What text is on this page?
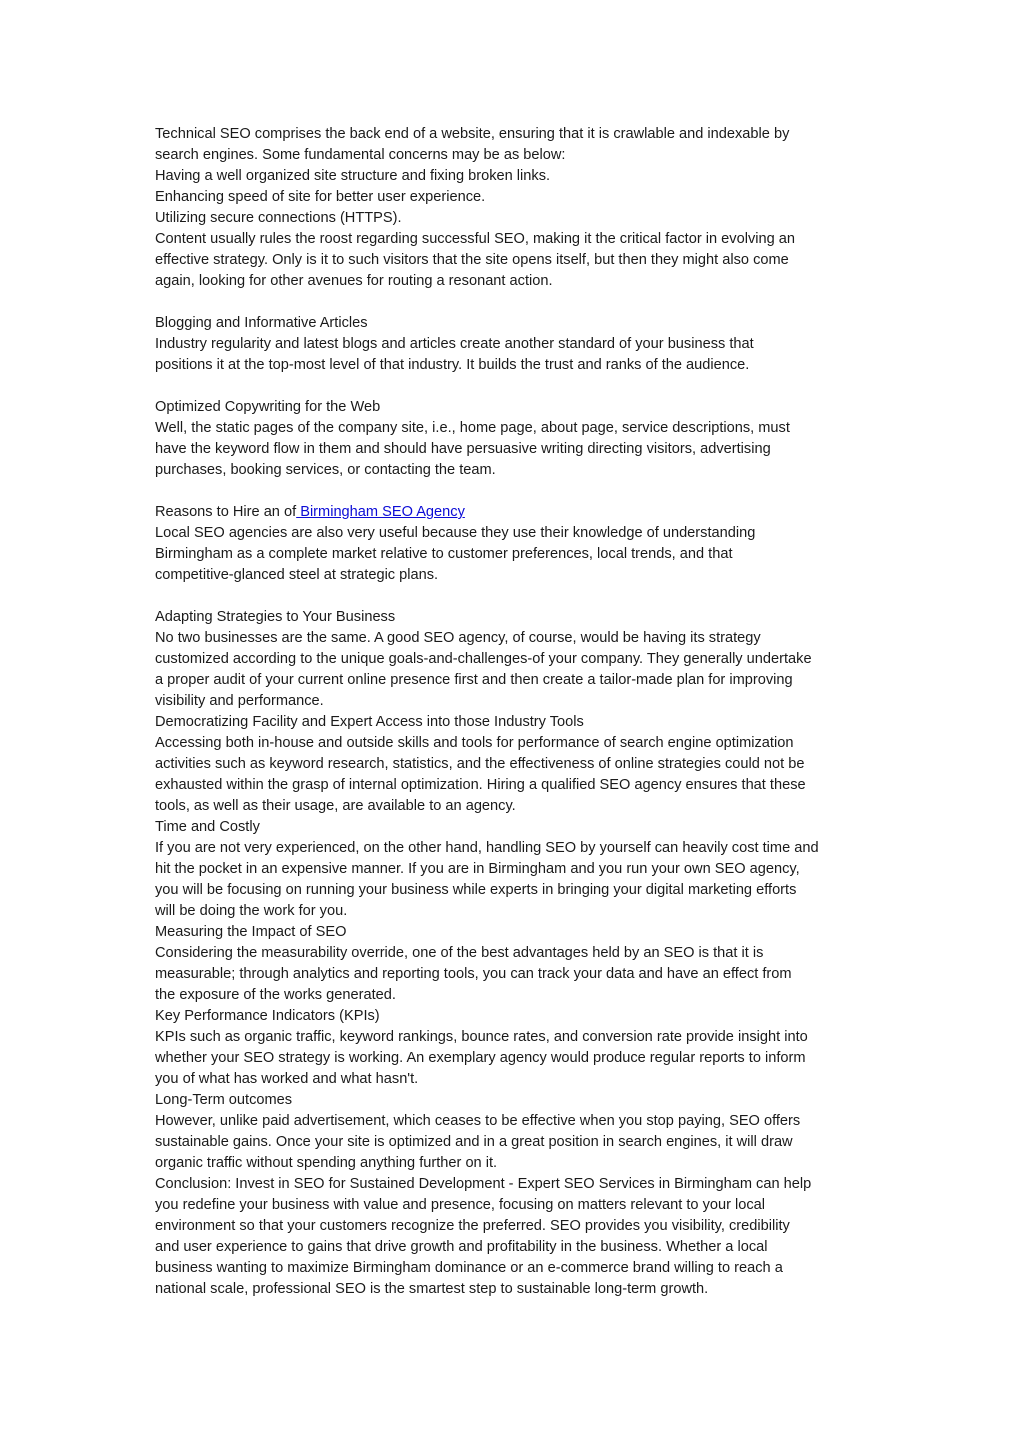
Technical SEO comprises the back end of a website, ensuring that it is crawlable and indexable by
search engines. Some fundamental concerns may be as below:
Having a well organized site structure and fixing broken links.
Enhancing speed of site for better user experience.
Utilizing secure connections (HTTPS).
Content usually rules the roost regarding successful SEO, making it the critical factor in evolving an
effective strategy. Only is it to such visitors that the site opens itself, but then they might also come
again, looking for other avenues for routing a resonant action.
Blogging and Informative Articles
Industry regularity and latest blogs and articles create another standard of your business that
positions it at the top-most level of that industry. It builds the trust and ranks of the audience.
Optimized Copywriting for the Web
Well, the static pages of the company site, i.e., home page, about page, service descriptions, must
have the keyword flow in them and should have persuasive writing directing visitors, advertising
purchases, booking services, or contacting the team.
Reasons to Hire an of Birmingham SEO Agency
Local SEO agencies are also very useful because they use their knowledge of understanding
Birmingham as a complete market relative to customer preferences, local trends, and that
competitive-glanced steel at strategic plans.
Adapting Strategies to Your Business
No two businesses are the same. A good SEO agency, of course, would be having its strategy
customized according to the unique goals-and-challenges-of your company. They generally undertake
a proper audit of your current online presence first and then create a tailor-made plan for improving
visibility and performance.
Democratizing Facility and Expert Access into those Industry Tools
Accessing both in-house and outside skills and tools for performance of search engine optimization
activities such as keyword research, statistics, and the effectiveness of online strategies could not be
exhausted within the grasp of internal optimization. Hiring a qualified SEO agency ensures that these
tools, as well as their usage, are available to an agency.
Time and Costly
If you are not very experienced, on the other hand, handling SEO by yourself can heavily cost time and
hit the pocket in an expensive manner. If you are in Birmingham and you run your own SEO agency,
you will be focusing on running your business while experts in bringing your digital marketing efforts
will be doing the work for you.
Measuring the Impact of SEO
Considering the measurability override, one of the best advantages held by an SEO is that it is
measurable; through analytics and reporting tools, you can track your data and have an effect from
the exposure of the works generated.
Key Performance Indicators (KPIs)
KPIs such as organic traffic, keyword rankings, bounce rates, and conversion rate provide insight into
whether your SEO strategy is working. An exemplary agency would produce regular reports to inform
you of what has worked and what hasn't.
Long-Term outcomes
However, unlike paid advertisement, which ceases to be effective when you stop paying, SEO offers
sustainable gains. Once your site is optimized and in a great position in search engines, it will draw
organic traffic without spending anything further on it.
Conclusion: Invest in SEO for Sustained Development - Expert SEO Services in Birmingham can help
you redefine your business with value and presence, focusing on matters relevant to your local
environment so that your customers recognize the preferred. SEO provides you visibility, credibility
and user experience to gains that drive growth and profitability in the business. Whether a local
business wanting to maximize Birmingham dominance or an e-commerce brand willing to reach a
national scale, professional SEO is the smartest step to sustainable long-term growth.
